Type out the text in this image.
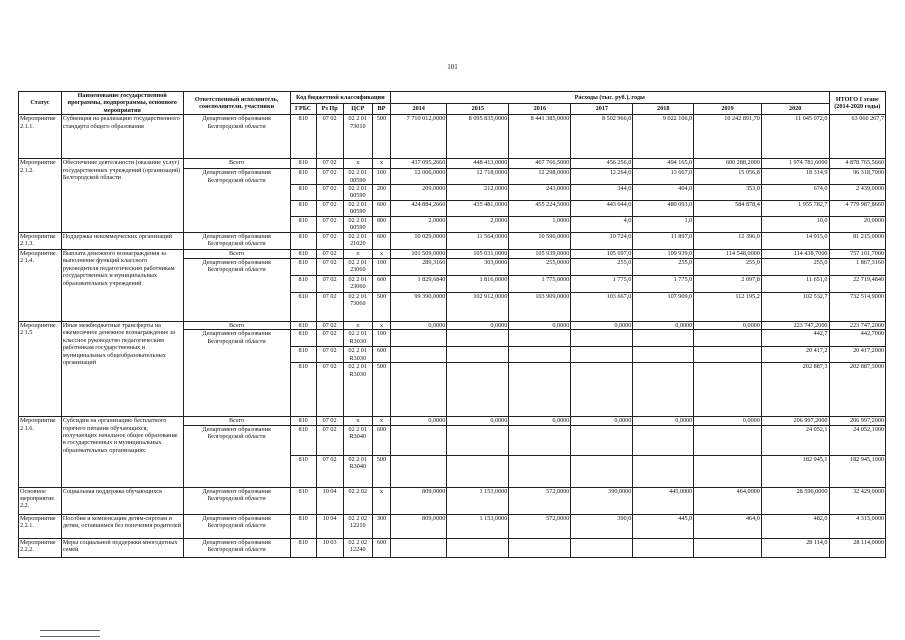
101
Статус	Наименование государственной программы, подпрограммы, основного мероприятия	Ответственный исполнитель, соисполнители, участники	Код бюджетной классификации				Расходы (тыс. руб.), годы							ИТОГО I этапе (2014-2020 годы)
			ГРБС	Рз Пр	ЦСР	ВР	2014	2015	2016	2017	2018	2019	2020	
Мероприятие 2.1.1.	Субвенция на реализацию государственного стандарта общего образования	Департамент образования Белгородской области	810	07 02	02 2 01 73010	500	7 710 012,0000	8 095 835,0000	8 441 385,0000	8 502 966,0	9 022 106,0	10 242 891,70	11 045 072,0	63 060 267,7
Мероприятие 2.1.2.	Обеспечение деятельности (оказание услуг) государственных учреждений (организаций) Белгородской области	Всего	810	07 02	х	х	437 095,2660	448 413,0000	467 766,5000	456 256,0	494 165,0	600 288,2000	1 974 781,6000	4 878 765,5660
		Департамент образования Белгородской области	810	07 02	02 2 01 00590	100	12 006,0000	12 718,0000	12 298,0000	12 264,0	13 667,0	15 056,8	18 314,9	96 318,7000
			810	07 02	02 2 01 00590	200	209,0000	212,0000	243,0000	344,0	404,0	353,0	674,0	2 439,0000
			810	07 02	02 2 01 00590	600	424 884,2660	435 481,0000	455 224,5000	443 644,0	480 093,0	584 878,4	1 955 782,7	4 779 987,8660
			810	07 02	02 2 01 00590	800	2,0000	2,0000	1,0000	4,0	1,0		10,0	20,0000
Мероприятие 2.1.3.	Поддержка некоммерческих организаций	Департамент образования Белгородской области	810	07 02	02 2 01 21020	600	10 029,0000	11 564,0000	10 590,0000	10 724,0	11 897,0	12 396,0	14 015,0	81 215,0000
Мероприятие 2.1.4.	Выплата денежного вознаграждения за выполнение функций классного руководителя педагогическим работникам государственных и муниципальных образовательных учреждений	Всего	810	07 02	х	х	101 509,0000	105 031,0000	105 939,0000	105 697,0	109 939,0	114 548,0000	114 438,7000	757 101,7000
		Департамент образования Белгородской области	810	07 02	02 2 01 23060	100	289,3160	303,0000	255,0000	255,0	255,0	255,0	255,0	1 867,3160
			810	07 02	02 2 01 23060	600	1 829,6840	1 816,0000	1 775,0000	1 775,0	1 775,0	2 097,8	11 651,0	22 719,4840
			810	07 02	02 2 01 73060	500	99 390,0000	102 912,0000	103 909,0000	103 667,0	107 909,0	112 195,2	102 532,7	732 514,9000
Мероприятие 2.1.5	Иные межбюджетные трансферты на ежемесячное денежное вознаграждение за классное руководство педагогическим работникам государственных и муниципальных общеобразовательных организаций	Всего	810	07 02	х	х	0,0000	0,0000	0,0000	0,0000	0,0000	0,0000	223 747,2000	223 747,2000
		Департамент образования Белгородской области	810	07 02	02 2 01 R3030	100							442,7	442,7000
			810	07 02	02 2 01 R3030	600							20 417,2	20 417,2000
			810	07 02	02 2 01 R3030	500							202 887,3	202 887,3000
Мероприятие 2.1.6.	Субсидии на организацию бесплатного горячего питания обучающихся, получающих начальное общее образование в государственных и муниципальных образовательных организациях	Всего	810	07 02	х	х	0,0000	0,0000	0,0000	0,0000	0,0000	0,0000	206 997,2000	206 997,2000
		Департамент образования Белгородской области	810	07 02	02 2 01 R3040	600							24 052,1	24 052,1000
			810	07 02	02 2 01 R3040	500							182 945,1	182 945,1000
Основное мероприятие 2.2.	Социальная поддержка обучающихся	Департамент образования Белгородской области	810	10 04	02 2 02	х	809,0000	1 153,0000	572,0000	390,0000	445,0000	464,0000	28 596,0000	32 429,0000
Мероприятие 2.2.1.	Пособия и компенсации детям-сиротам и детям, оставшимся без попечения родителей	Департамент образования Белгородской области	810	10 04	02 2 02 12210	300	809,0000	1 153,0000	572,0000	390,0	445,0	464,0	482,0	4 315,0000
Мероприятие 2.2.2.	Меры социальной поддержки многодетных семей	Департамент образования Белгородской области	810	10 03	02 2 02 12240	600							28 114,0	28 114,0000
